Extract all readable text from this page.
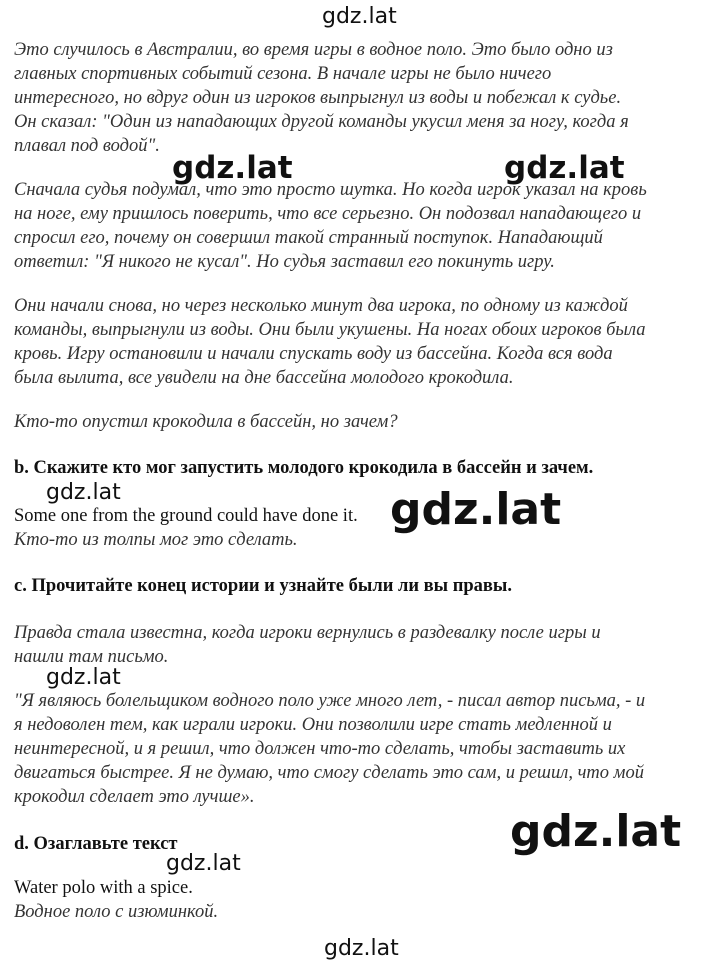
Это случилось в Австралии, во время игры в водное поло. Это было одно из
главных спортивных событий сезона. В начале игры не было ничего
интересного, но вдруг один из игроков выпрыгнул из воды и побежал к судье.
Он сказал: "Один из нападающих другой команды укусил меня за ногу, когда я
плавал под водой".
Сначала судья подумал, что это просто шутка. Но когда игрок указал на кровь
на ноге, ему пришлось поверить, что все серьезно. Он подозвал нападающего и
спросил его, почему он совершил такой странный поступок. Нападающий
ответил: "Я никого не кусал". Но судья заставил его покинуть игру.
Они начали снова, но через несколько минут два игрока, по одному из каждой
команды, выпрыгнули из воды. Они были укушены. На ногах обоих игроков была
кровь. Игру остановили и начали спускать воду из бассейна. Когда вся вода
была вылита, все увидели на дне бассейна молодого крокодила.
Кто-то опустил крокодила в бассейн, но зачем?
b. Скажите кто мог запустить молодого крокодила в бассейн и зачем.
Some one from the ground could have done it.
Кто-то из толпы мог это сделать.
c. Прочитайте конец истории и узнайте были ли вы правы.
Правда стала известна, когда игроки вернулись в раздевалку после игры и
нашли там письмо.
"Я являюсь болельщиком водного поло уже много лет, - писал автор письма, - и
я недоволен тем, как играли игроки. Они позволили игре стать медленной и
неинтересной, и я решил, что должен что-то сделать, чтобы заставить их
двигаться быстрее. Я не думаю, что смогу сделать это сам, и решил, что мой
крокодил сделает это лучше».
d. Озаглавьте текст
Water polo with a spice.
Водное поло с изюминкой.
gdz.lat
gdz.lat	gdz.lat
gdz.lat	gdz.lat
gdz.lat
gdz.lat
gdz.lat
gdz.lat
